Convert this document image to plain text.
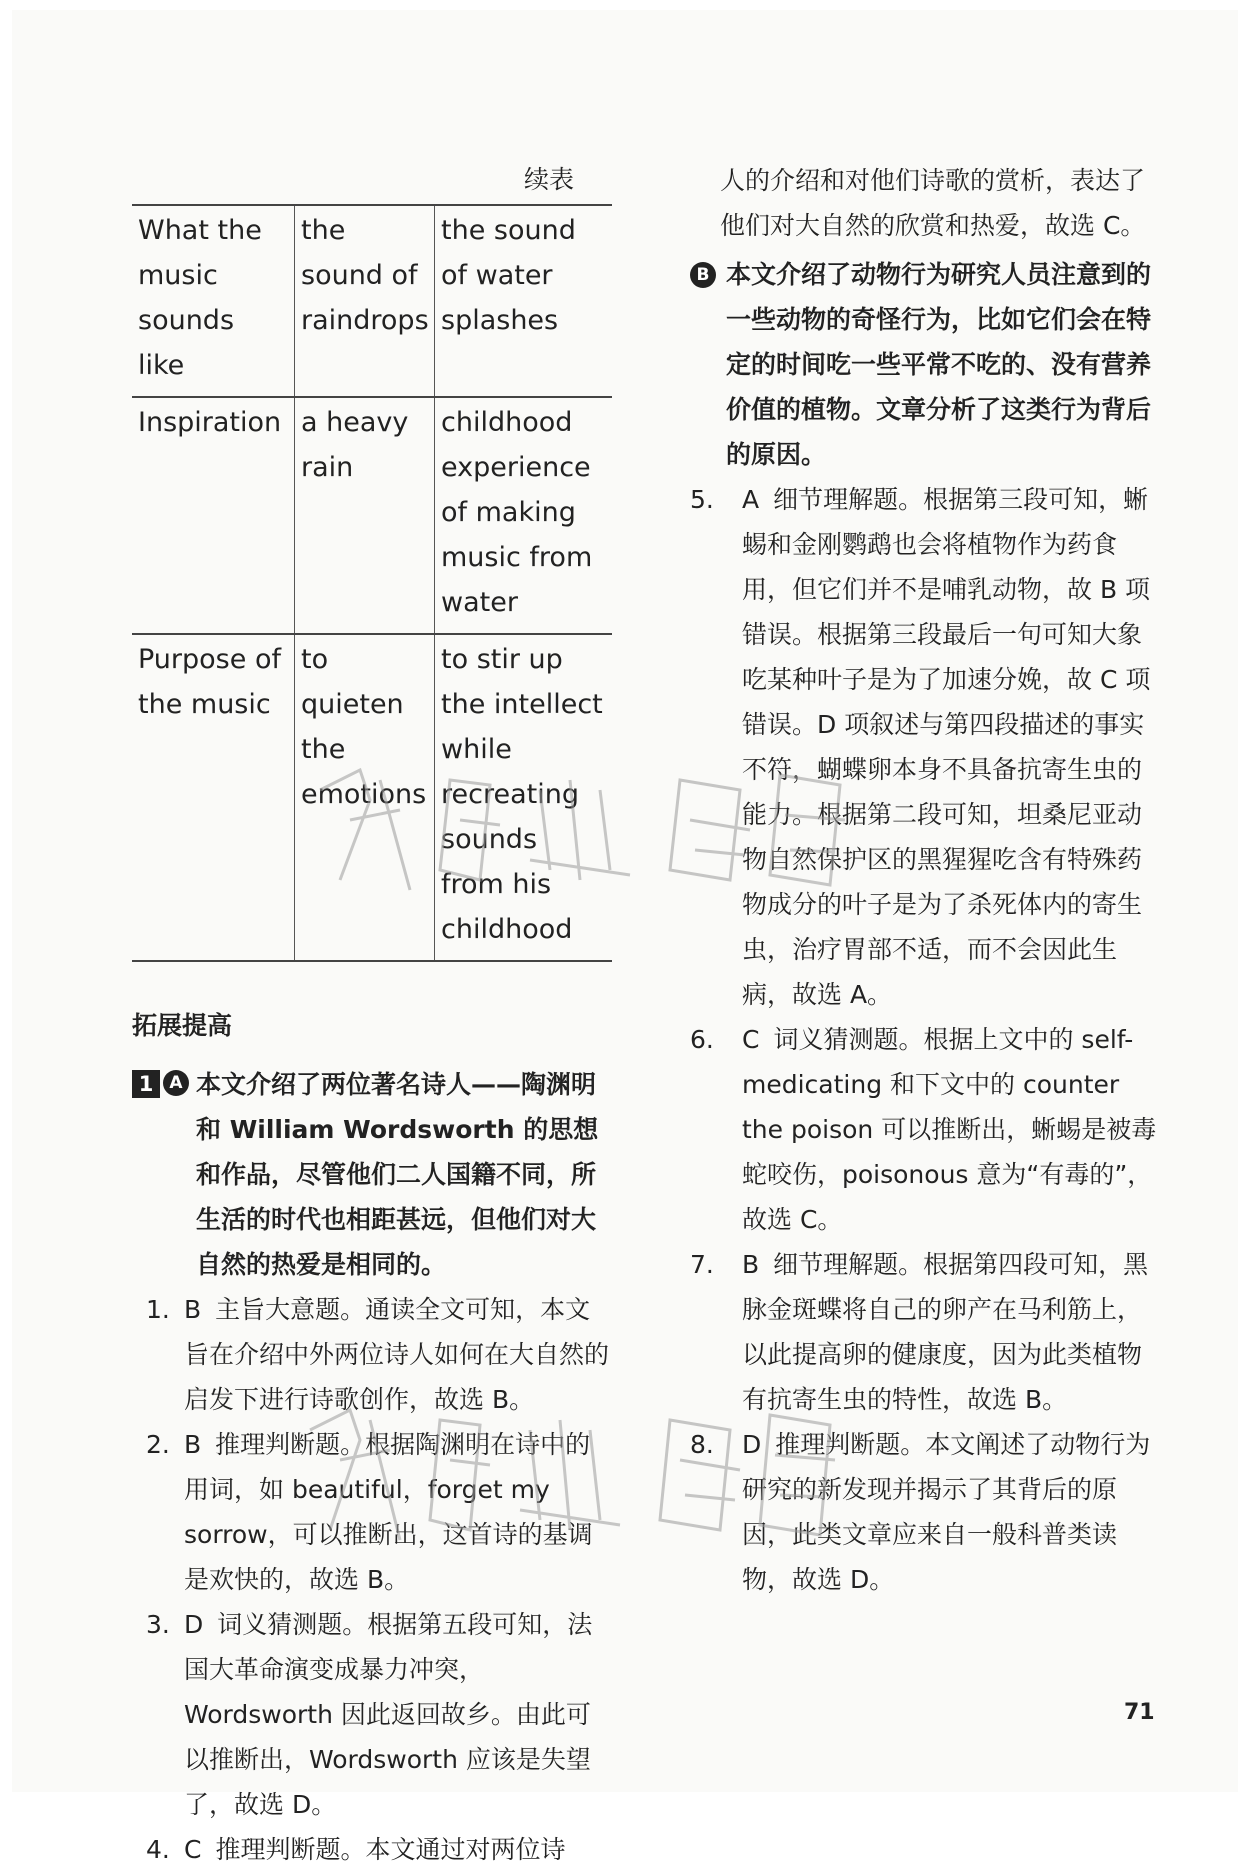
续表
What the music sounds like	the sound of raindrops	the sound of water splashes
Inspiration	a heavy rain	childhood experience of making music from water
Purpose of the music	to quieten the emotions	to stir up the intellect while recreating sounds from his childhood
拓展提高
1 A 本文介绍了两位著名诗人——陶渊明和 William Wordsworth 的思想和作品，尽管他们二人国籍不同，所生活的时代也相距甚远，但他们对大自然的热爱是相同的。
1. B 主旨大意题。通读全文可知，本文旨在介绍中外两位诗人如何在大自然的启发下进行诗歌创作，故选 B。
2. B 推理判断题。根据陶渊明在诗中的用词，如 beautiful，forget my sorrow，可以推断出，这首诗的基调是欢快的，故选 B。
3. D 词义猜测题。根据第五段可知，法国大革命演变成暴力冲突，Wordsworth 因此返回故乡。由此可以推断出，Wordsworth 应该是失望了，故选 D。
4. C 推理判断题。本文通过对两位诗
人的介绍和对他们诗歌的赏析，表达了他们对大自然的欣赏和热爱，故选 C。
B 本文介绍了动物行为研究人员注意到的一些动物的奇怪行为，比如它们会在特定的时间吃一些平常不吃的、没有营养价值的植物。文章分析了这类行为背后的原因。
5. A 细节理解题。根据第三段可知，蜥蜴和金刚鹦鹉也会将植物作为药食用，但它们并不是哺乳动物，故 B 项错误。根据第三段最后一句可知大象吃某种叶子是为了加速分娩，故 C 项错误。D 项叙述与第四段描述的事实不符，蝴蝶卵本身不具备抗寄生虫的能力。根据第二段可知，坦桑尼亚动物自然保护区的黑猩猩吃含有特殊药物成分的叶子是为了杀死体内的寄生虫，治疗胃部不适，而不会因此生病，故选 A。
6. C 词义猜测题。根据上文中的 self-medicating 和下文中的 counter the poison 可以推断出，蜥蜴是被毒蛇咬伤，poisonous 意为“有毒的”，故选 C。
7. B 细节理解题。根据第四段可知，黑脉金斑蝶将自己的卵产在马利筋上，以此提高卵的健康度，因为此类植物有抗寄生虫的特性，故选 B。
8. D 推理判断题。本文阐述了动物行为研究的新发现并揭示了其背后的原因，此类文章应来自一般科普类读物，故选 D。
71
